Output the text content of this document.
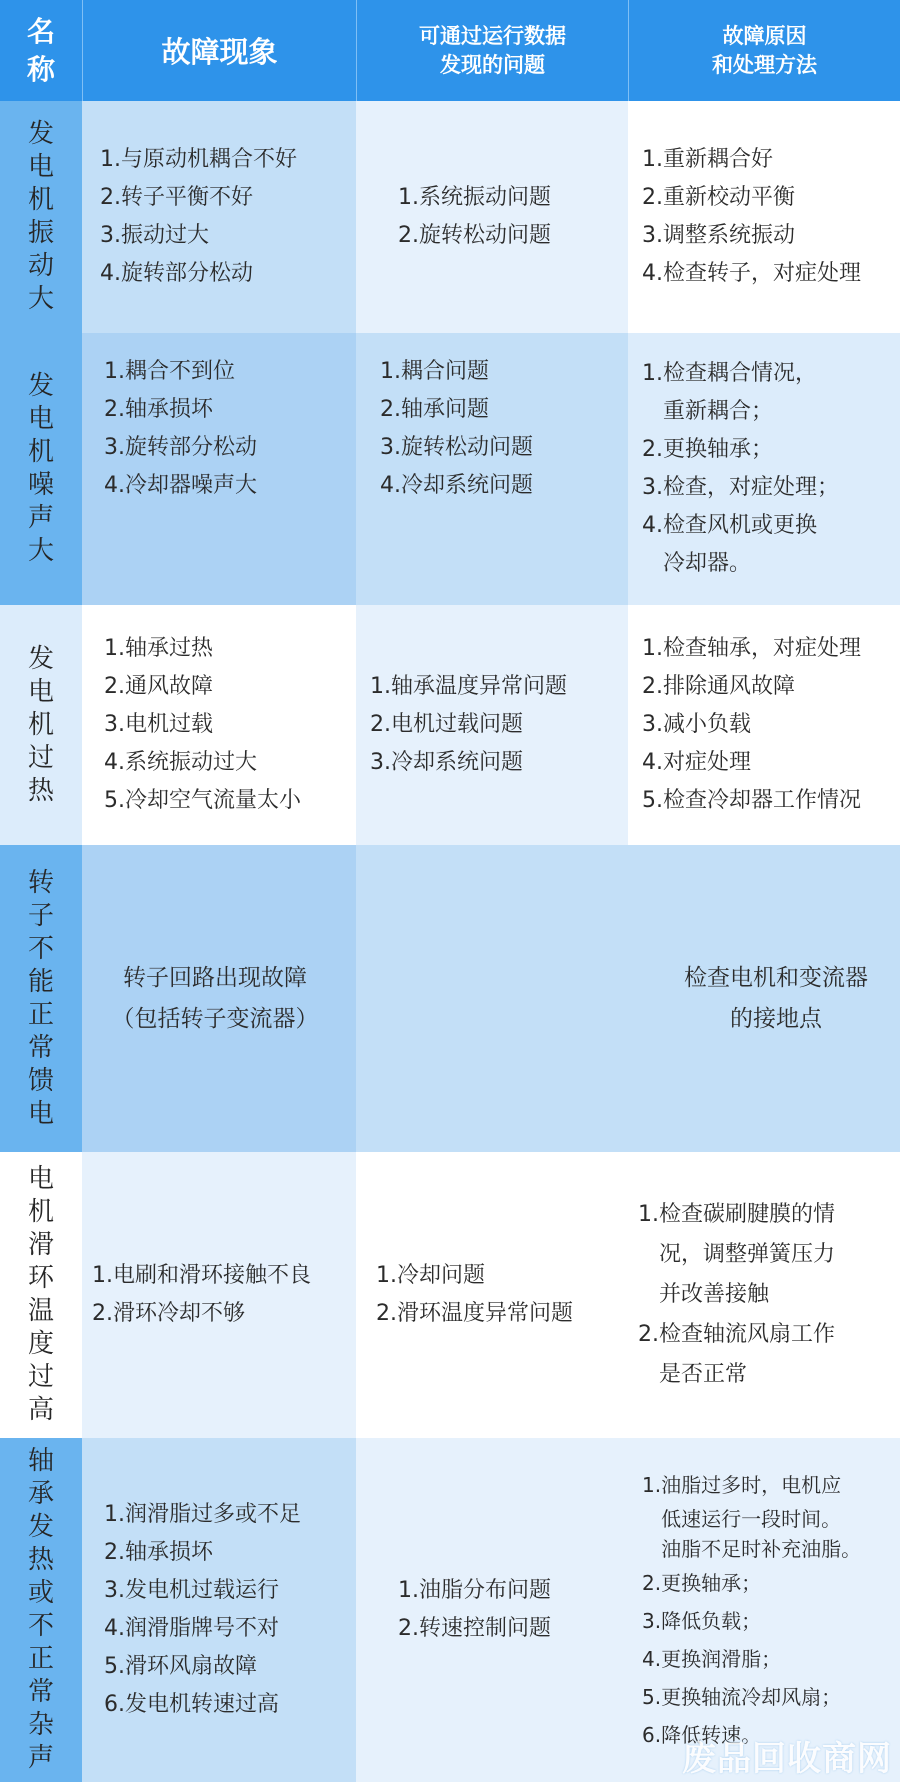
名
称	故障现象	可通过运行数据
发现的问题
故障原因
和处理方法
发电机振动大
1.与原动机耦合不好
2.转子平衡不好
3.振动过大
4.旋转部分松动
1.系统振动问题
2.旋转松动问题
1.重新耦合好
2.重新校动平衡
3.调整系统振动
4.检查转子，对症处理
发电机噪声大
1.耦合不到位
2.轴承损坏
3.旋转部分松动
4.冷却器噪声大
1.耦合问题
2.轴承问题
3.旋转松动问题
4.冷却系统问题
1.检查耦合情况，
重新耦合；
2.更换轴承；
3.检查，对症处理；
4.检查风机或更换
冷却器。
发电机过热
1.轴承过热
2.通风故障
3.电机过载
4.系统振动过大
5.冷却空气流量太小
1.轴承温度异常问题
2.电机过载问题
3.冷却系统问题
1.检查轴承，对症处理
2.排除通风故障
3.减小负载
4.对症处理
5.检查冷却器工作情况
转子不能正常馈电
转子回路出现故障
（包括转子变流器）
检查电机和变流器
的接地点
电机滑环温度过高
1.电刷和滑环接触不良
2.滑环冷却不够
1.冷却问题
2.滑环温度异常问题
1.检查碳刷腱膜的情
况，调整弹簧压力
并改善接触
2.检查轴流风扇工作
是否正常
轴承发热或不正常杂声
1.润滑脂过多或不足
2.轴承损坏
3.发电机过载运行
4.润滑脂牌号不对
5.滑环风扇故障
6.发电机转速过高
1.油脂分布问题
2.转速控制问题
1.油脂过多时，电机应
低速运行一段时间。
油脂不足时补充油脂。
2.更换轴承；
3.降低负载；
4.更换润滑脂；
5.更换轴流冷却风扇；
6.降低转速。
废品回收商网
